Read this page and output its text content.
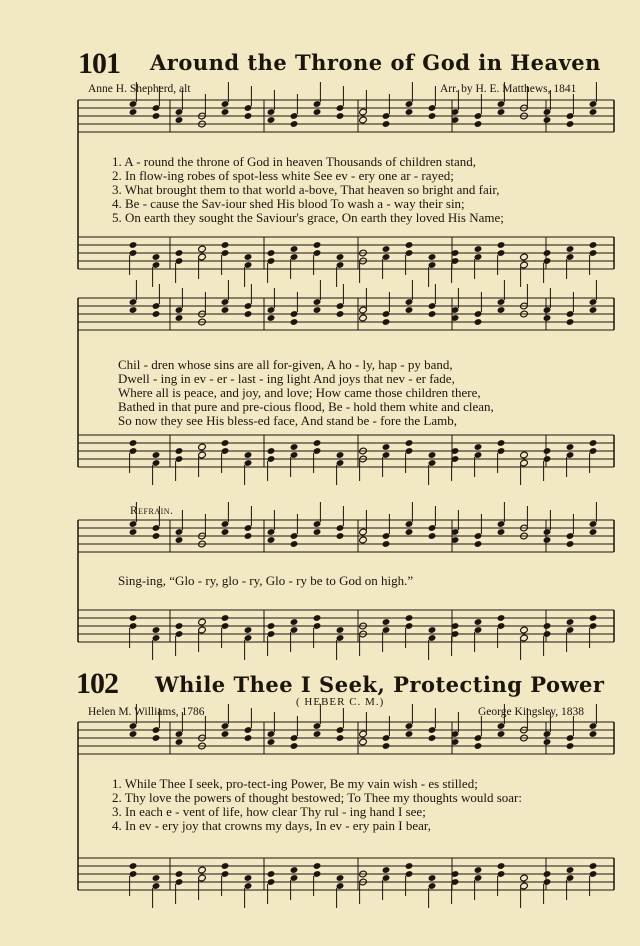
101 Around the Throne of God in Heaven
Anne H. Shepherd, alt	Arr. by H. E. Matthews, 1841
1. A - round the throne of God in heaven Thousands of children stand,
2. In flow-ing robes of spot-less white See ev - ery one ar - rayed;
3. What brought them to that world a-bove, That heaven so bright and fair,
4. Be - cause the Sav-iour shed His blood To wash a - way their sin;
5. On earth they sought the Saviour's grace, On earth they loved His Name;
Chil - dren whose sins are all for-given, A ho - ly, hap - py band,
Dwell - ing in ev - er - last - ing light And joys that nev - er fade,
Where all is peace, and joy, and love; How came those children there,
Bathed in that pure and pre-cious flood, Be - hold them white and clean,
So now they see His bless-ed face, And stand be - fore the Lamb,
Refrain.
Sing-ing, “Glo - ry, glo - ry, Glo - ry be to God on high.”
102 While Thee I Seek, Protecting Power
( HEBER C. M.)
Helen M. Williams, 1786	George Kingsley, 1838
1. While Thee I seek, pro-tect-ing Power, Be my vain wish - es stilled;
2. Thy love the powers of thought bestowed; To Thee my thoughts would soar:
3. In each e - vent of life, how clear Thy rul - ing hand I see;
4. In ev - ery joy that crowns my days, In ev - ery pain I bear,
